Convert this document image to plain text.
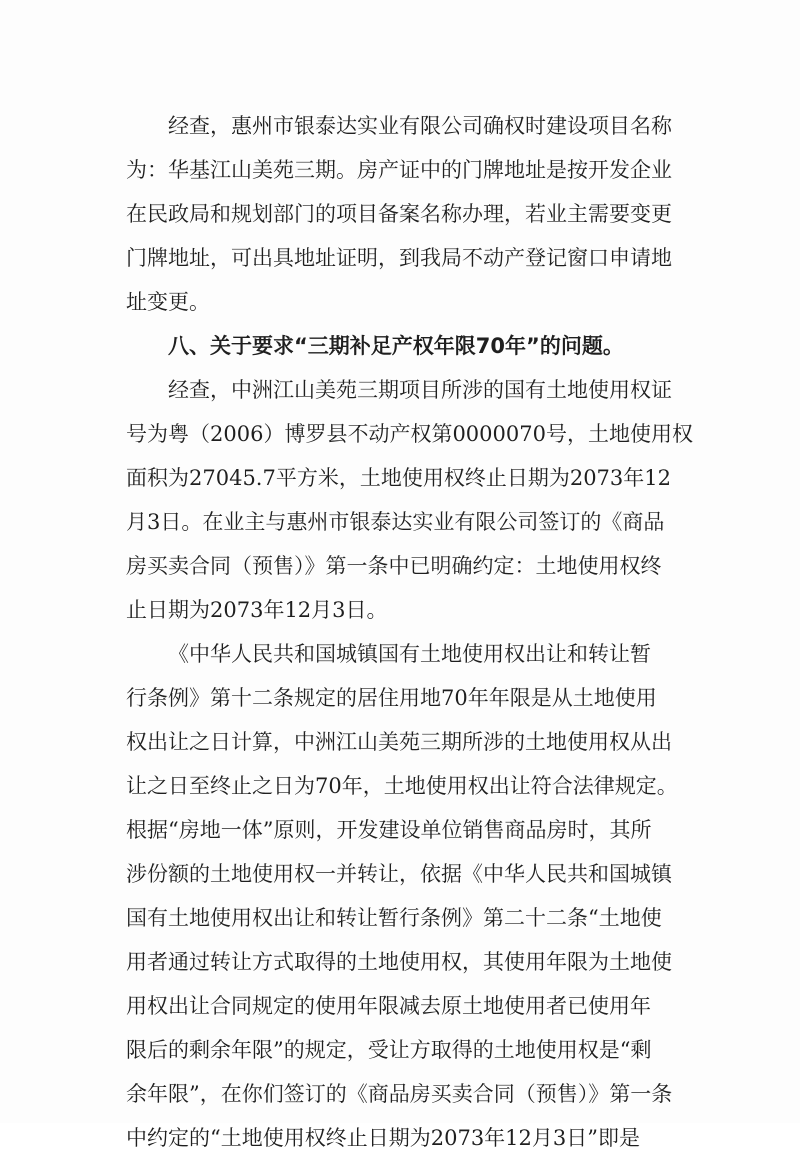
经查，惠州市银泰达实业有限公司确权时建设项目名称
为：华基江山美苑三期。房产证中的门牌地址是按开发企业
在民政局和规划部门的项目备案名称办理，若业主需要变更
门牌地址，可出具地址证明，到我局不动产登记窗口申请地
址变更。
八、关于要求“三期补足产权年限70年”的问题。
经查，中洲江山美苑三期项目所涉的国有土地使用权证
号为粤（2006）博罗县不动产权第0000070号，土地使用权
面积为27045.7平方米，土地使用权终止日期为2073年12
月3日。在业主与惠州市银泰达实业有限公司签订的《商品
房买卖合同（预售）》第一条中已明确约定：土地使用权终
止日期为2073年12月3日。
《中华人民共和国城镇国有土地使用权出让和转让暂
行条例》第十二条规定的居住用地70年年限是从土地使用
权出让之日计算，中洲江山美苑三期所涉的土地使用权从出
让之日至终止之日为70年，土地使用权出让符合法律规定。
根据“房地一体”原则，开发建设单位销售商品房时，其所
涉份额的土地使用权一并转让，依据《中华人民共和国城镇
国有土地使用权出让和转让暂行条例》第二十二条“土地使
用者通过转让方式取得的土地使用权，其使用年限为土地使
用权出让合同规定的使用年限减去原土地使用者已使用年
限后的剩余年限”的规定，受让方取得的土地使用权是“剩
余年限”，在你们签订的《商品房买卖合同（预售）》第一条
中约定的“土地使用权终止日期为2073年12月3日”即是
